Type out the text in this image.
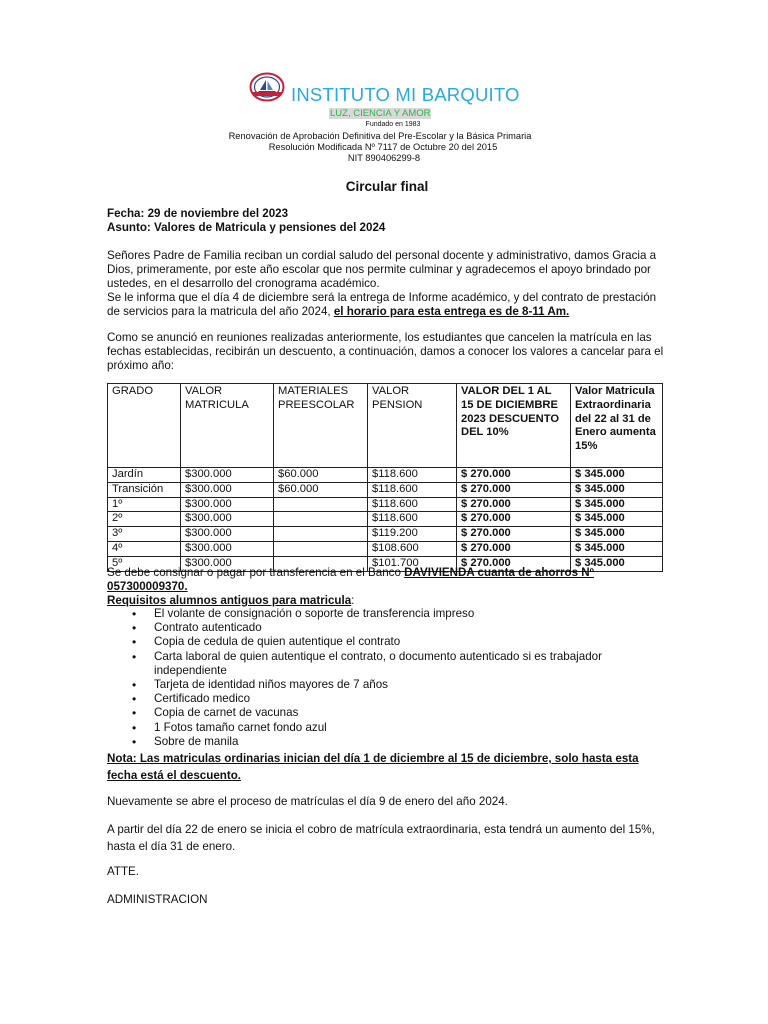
INSTITUTO MI BARQUITO
LUZ, CIENCIA Y AMOR
Fundado en 1983
Renovación de Aprobación Definitiva del Pre-Escolar y la Básica Primaria
Resolución Modificada Nº 7117 de Octubre 20 del 2015
NIT 890406299-8
Circular final
Fecha: 29 de noviembre del 2023
Asunto: Valores de Matricula y pensiones del 2024
Señores Padre de Familia reciban un cordial saludo del personal docente y administrativo, damos Gracia a Dios, primeramente, por este año escolar que nos permite culminar y agradecemos el apoyo brindado por ustedes, en el desarrollo del cronograma académico.
Se le informa que el día 4 de diciembre será la entrega de Informe académico, y del contrato de prestación de servicios para la matricula del año 2024, el horario para esta entrega es de 8-11 Am.
Como se anunció en reuniones realizadas anteriormente, los estudiantes que cancelen la matrícula en las fechas establecidas, recibirán un descuento, a continuación, damos a conocer los valores a cancelar para el próximo año:
GRADO	VALOR MATRICULA	MATERIALES PREESCOLAR	VALOR PENSION	VALOR DEL 1 AL 15 DE DICIEMBRE 2023 DESCUENTO DEL 10%	Valor Matricula Extraordinaria del 22 al 31 de Enero aumenta 15%
Jardín	$300.000	$60.000	$118.600	$ 270.000	$ 345.000
Transición	$300.000	$60.000	$118.600	$ 270.000	$ 345.000
1º	$300.000		$118.600	$ 270.000	$ 345.000
2º	$300.000		$118.600	$ 270.000	$ 345.000
3º	$300.000		$119.200	$ 270.000	$ 345.000
4º	$300.000		$108.600	$ 270.000	$ 345.000
5º	$300.000		$101.700	$ 270.000	$ 345.000
Se debe consignar o pagar por transferencia en el Banco DAVIVIENDA cuanta de ahorros Nº 057300009370.
Requisitos alumnos antiguos para matricula:
• El volante de consignación o soporte de transferencia impreso
• Contrato autenticado
• Copia de cedula de quien autentique el contrato
• Carta laboral de quien autentique el contrato, o documento autenticado si es trabajador independiente
• Tarjeta de identidad niños mayores de 7 años
• Certificado medico
• Copia de carnet de vacunas
• 1 Fotos tamaño carnet fondo azul
• Sobre de manila
Nota: Las matriculas ordinarias inician del día 1 de diciembre al 15 de diciembre, solo hasta esta fecha está el descuento.
Nuevamente se abre el proceso de matrículas el día 9 de enero del año 2024.
A partir del día 22 de enero se inicia el cobro de matrícula extraordinaria, esta tendrá un aumento del 15%, hasta el día 31 de enero.
ATTE.
ADMINISTRACION
